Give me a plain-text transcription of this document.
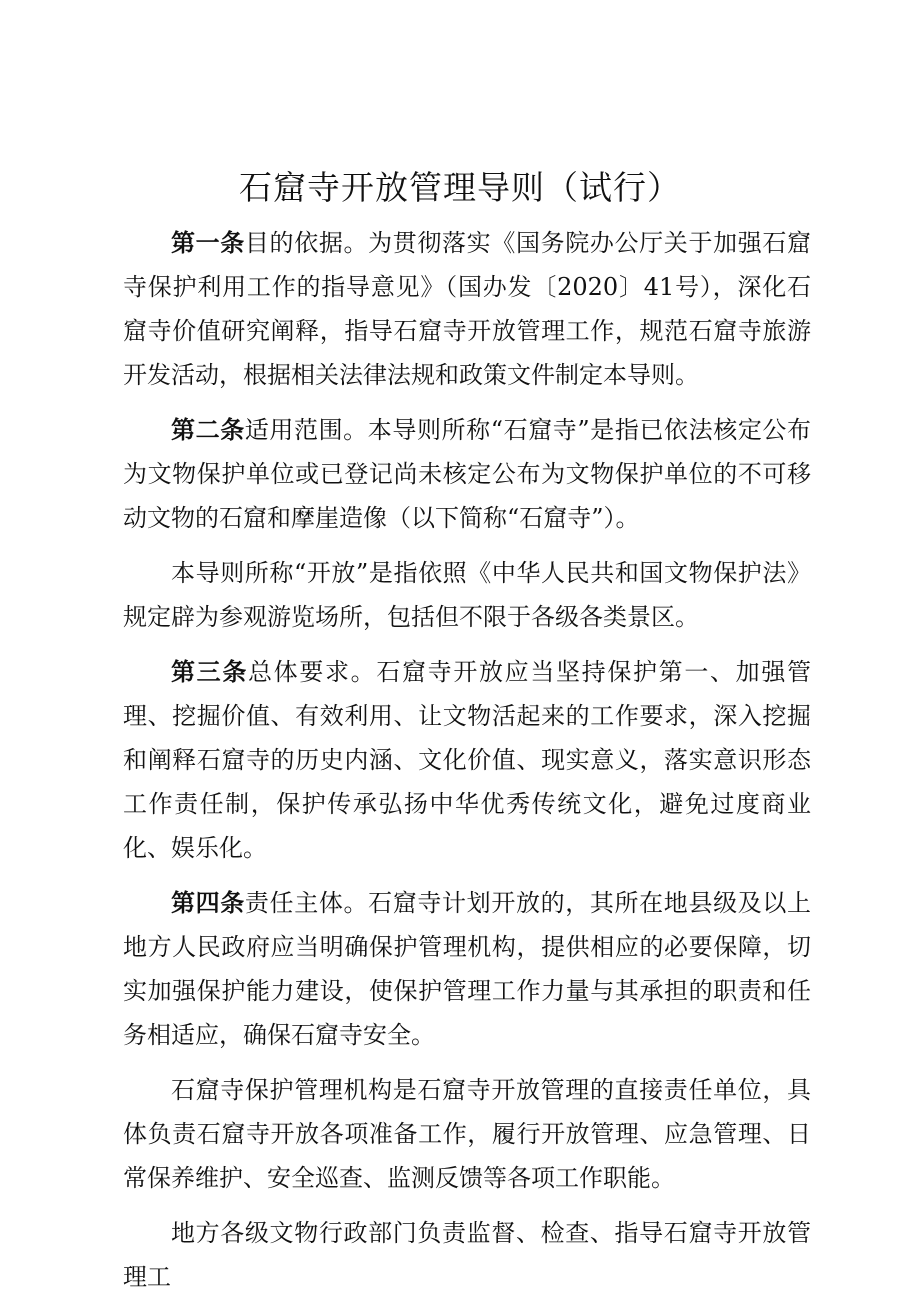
石窟寺开放管理导则（试行）

第一条目的依据。为贯彻落实《国务院办公厅关于加强石窟寺保护利用工作的指导意见》（国办发〔2020〕41号），深化石窟寺价值研究阐释，指导石窟寺开放管理工作，规范石窟寺旅游开发活动，根据相关法律法规和政策文件制定本导则。

第二条适用范围。本导则所称“石窟寺”是指已依法核定公布为文物保护单位或已登记尚未核定公布为文物保护单位的不可移动文物的石窟和摩崖造像（以下简称“石窟寺”）。

本导则所称“开放”是指依照《中华人民共和国文物保护法》规定辟为参观游览场所，包括但不限于各级各类景区。

第三条总体要求。石窟寺开放应当坚持保护第一、加强管理、挖掘价值、有效利用、让文物活起来的工作要求，深入挖掘和阐释石窟寺的历史内涵、文化价值、现实意义，落实意识形态工作责任制，保护传承弘扬中华优秀传统文化，避免过度商业化、娱乐化。

第四条责任主体。石窟寺计划开放的，其所在地县级及以上地方人民政府应当明确保护管理机构，提供相应的必要保障，切实加强保护能力建设，使保护管理工作力量与其承担的职责和任务相适应，确保石窟寺安全。

石窟寺保护管理机构是石窟寺开放管理的直接责任单位，具体负责石窟寺开放各项准备工作，履行开放管理、应急管理、日常保养维护、安全巡查、监测反馈等各项工作职能。

地方各级文物行政部门负责监督、检查、指导石窟寺开放管理工
